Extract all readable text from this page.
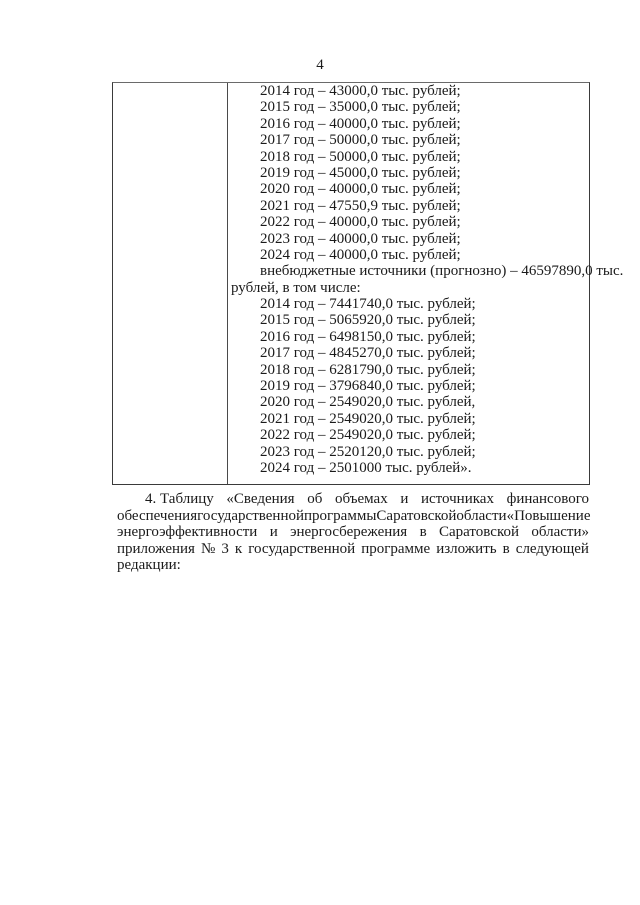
4
2014 год – 43000,0 тыс. рублей;
2015 год – 35000,0 тыс. рублей;
2016 год – 40000,0 тыс. рублей;
2017 год – 50000,0 тыс. рублей;
2018 год – 50000,0 тыс. рублей;
2019 год – 45000,0 тыс. рублей;
2020 год – 40000,0 тыс. рублей;
2021 год – 47550,9 тыс. рублей;
2022 год – 40000,0 тыс. рублей;
2023 год – 40000,0 тыс. рублей;
2024 год – 40000,0 тыс. рублей;
внебюджетные источники (прогнозно) – 46597890,0 тыс.
рублей, в том числе:
2014 год – 7441740,0 тыс. рублей;
2015 год – 5065920,0 тыс. рублей;
2016 год – 6498150,0 тыс. рублей;
2017 год – 4845270,0 тыс. рублей;
2018 год – 6281790,0 тыс. рублей;
2019 год – 3796840,0 тыс. рублей;
2020 год – 2549020,0 тыс. рублей,
2021 год – 2549020,0 тыс. рублей;
2022 год – 2549020,0 тыс. рублей;
2023 год – 2520120,0 тыс. рублей;
2024 год – 2501000 тыс. рублей».
4. Таблицу «Сведения об объемах и источниках финансового
обеспечения государственной программы Саратовской области «Повышение
энергоэффективности и энергосбережения в Саратовской области»
приложения № 3 к государственной программе изложить в следующей
редакции:
